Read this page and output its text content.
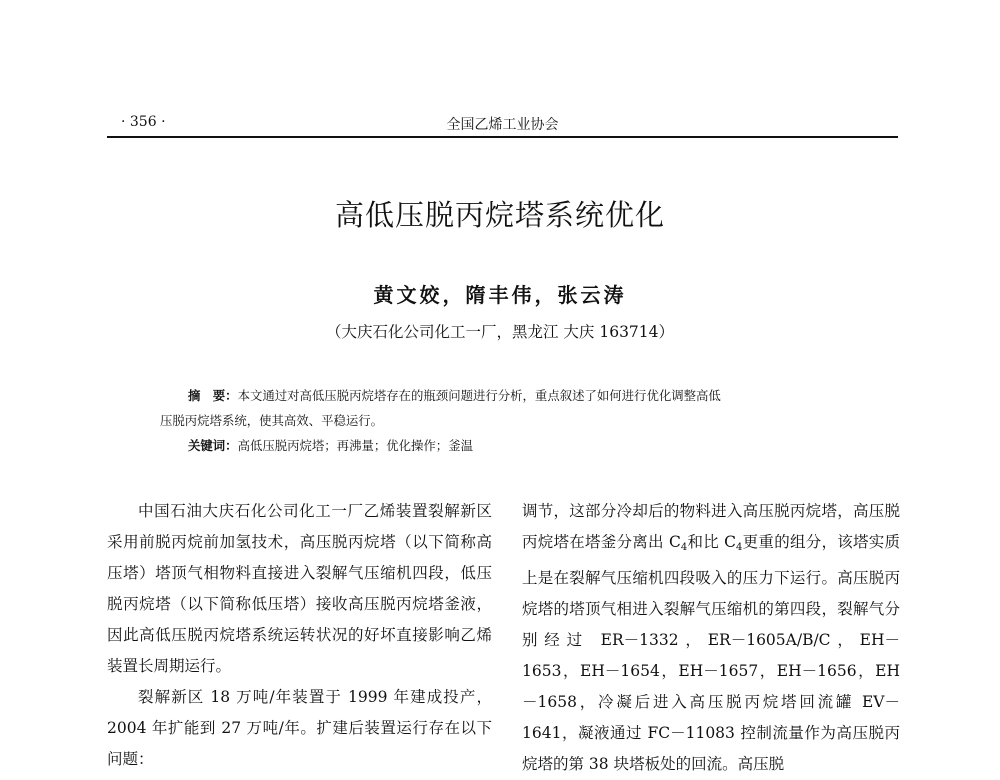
· 356 ·	全国乙烯工业协会
高低压脱丙烷塔系统优化
黄文姣，隋丰伟，张云涛
（大庆石化公司化工一厂，黑龙江 大庆 163714）

摘　要：本文通过对高低压脱丙烷塔存在的瓶颈问题进行分析，重点叙述了如何进行优化调整高低

压脱丙烷塔系统，使其高效、平稳运行。

关键词：高低压脱丙烷塔；再沸量；优化操作；釜温

中国石油大庆石化公司化工一厂乙烯装置裂解新区采用前脱丙烷前加氢技术，高压脱丙烷塔（以下简称高压塔）塔顶气相物料直接进入裂解气压缩机四段，低压脱丙烷塔（以下简称低压塔）接收高压脱丙烷塔釜液，因此高低压脱丙烷塔系统运转状况的好坏直接影响乙烯装置长周期运行。

裂解新区 18 万吨/年装置于 1999 年建成投产，2004 年扩能到 27 万吨/年。扩建后装置运行存在以下问题：

调节，这部分冷却后的物料进入高压脱丙烷塔，高压脱丙烷塔在塔釜分离出 $C_4$和比 $C_4$更重的组分，该塔实质上是在裂解气压缩机四段吸入的压力下运行。高压脱丙烷塔的塔顶气相进入裂解气压缩机的第四段，裂解气分别经过 ER－1332，ER－1605A/B/C，EH－1653，EH－1654，EH－1657，EH－1656，EH－1658，冷凝后进入高压脱丙烷塔回流罐 EV－1641，凝液通过 FC－11083 控制流量作为高压脱丙烷塔的第 38 块塔板处的回流。高压脱
